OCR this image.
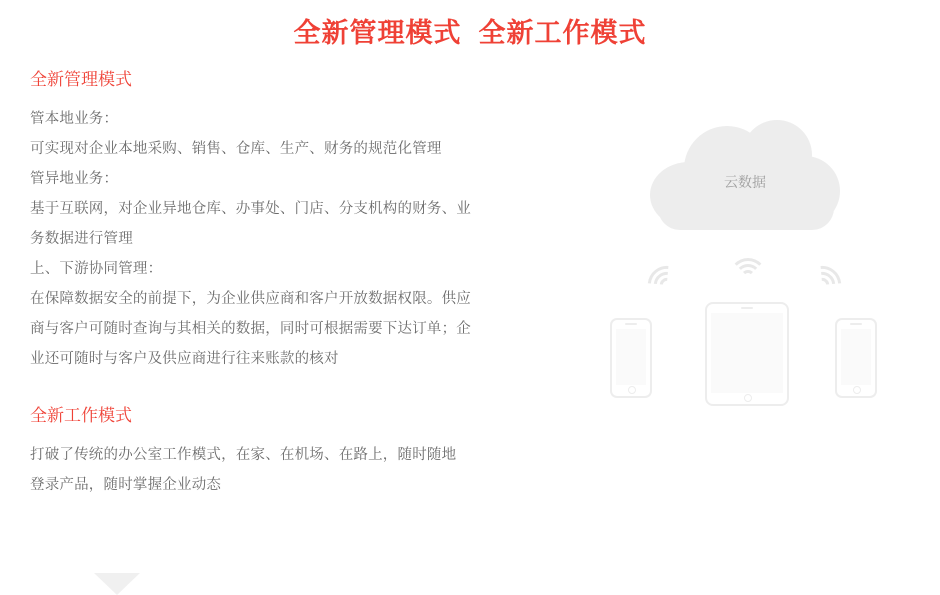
全新管理模式  全新工作模式
全新管理模式

管本地业务：

可实现对企业本地采购、销售、仓库、生产、财务的规范化管理

管异地业务：

基于互联网，对企业异地仓库、办事处、门店、分支机构的财务、业

务数据进行管理

上、下游协同管理：

在保障数据安全的前提下，为企业供应商和客户开放数据权限。供应

商与客户可随时查询与其相关的数据，同时可根据需要下达订单；企

业还可随时与客户及供应商进行往来账款的核对

全新工作模式

打破了传统的办公室工作模式，在家、在机场、在路上，随时随地

登录产品，随时掌握企业动态

云数据
